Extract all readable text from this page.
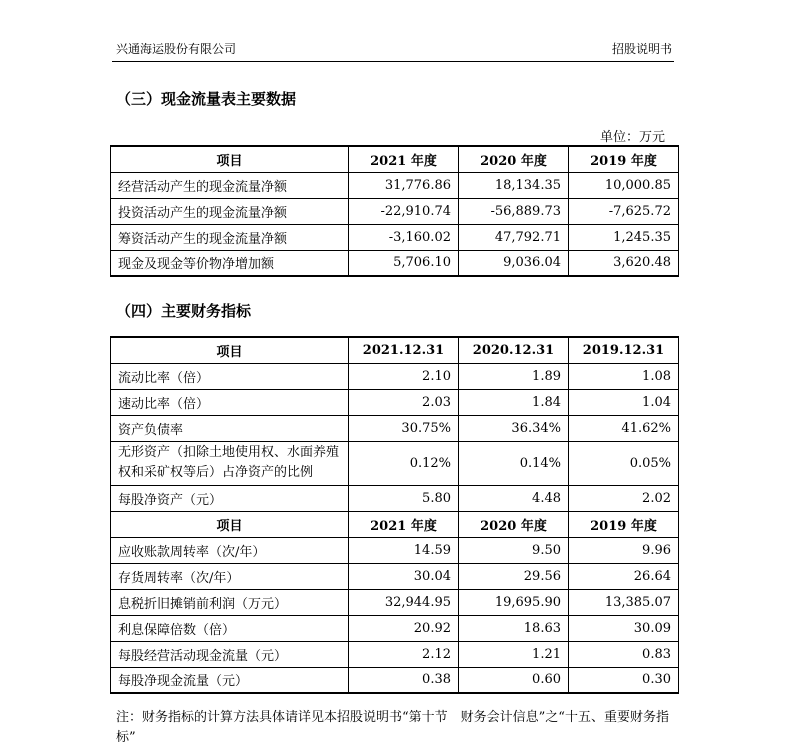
兴通海运股份有限公司	招股说明书
（三）现金流量表主要数据
单位：万元
项目	2021 年度	2020 年度	2019 年度
经营活动产生的现金流量净额	31,776.86	18,134.35	10,000.85
投资活动产生的现金流量净额	-22,910.74	-56,889.73	-7,625.72
筹资活动产生的现金流量净额	-3,160.02	47,792.71	1,245.35
现金及现金等价物净增加额	5,706.10	9,036.04	3,620.48
（四）主要财务指标
项目	2021.12.31	2020.12.31	2019.12.31
流动比率（倍）	2.10	1.89	1.08
速动比率（倍）	2.03	1.84	1.04
资产负债率	30.75%	36.34%	41.62%
无形资产（扣除土地使用权、水面养殖权和采矿权等后）占净资产的比例	0.12%	0.14%	0.05%
每股净资产（元）	5.80	4.48	2.02
项目	2021 年度	2020 年度	2019 年度
应收账款周转率（次/年）	14.59	9.50	9.96
存货周转率（次/年）	30.04	29.56	26.64
息税折旧摊销前利润（万元）	32,944.95	19,695.90	13,385.07
利息保障倍数（倍）	20.92	18.63	30.09
每股经营活动现金流量（元）	2.12	1.21	0.83
每股净现金流量（元）	0.38	0.60	0.30
注：财务指标的计算方法具体请详见本招股说明书“第十节　财务会计信息”之“十五、重要财务指标”
